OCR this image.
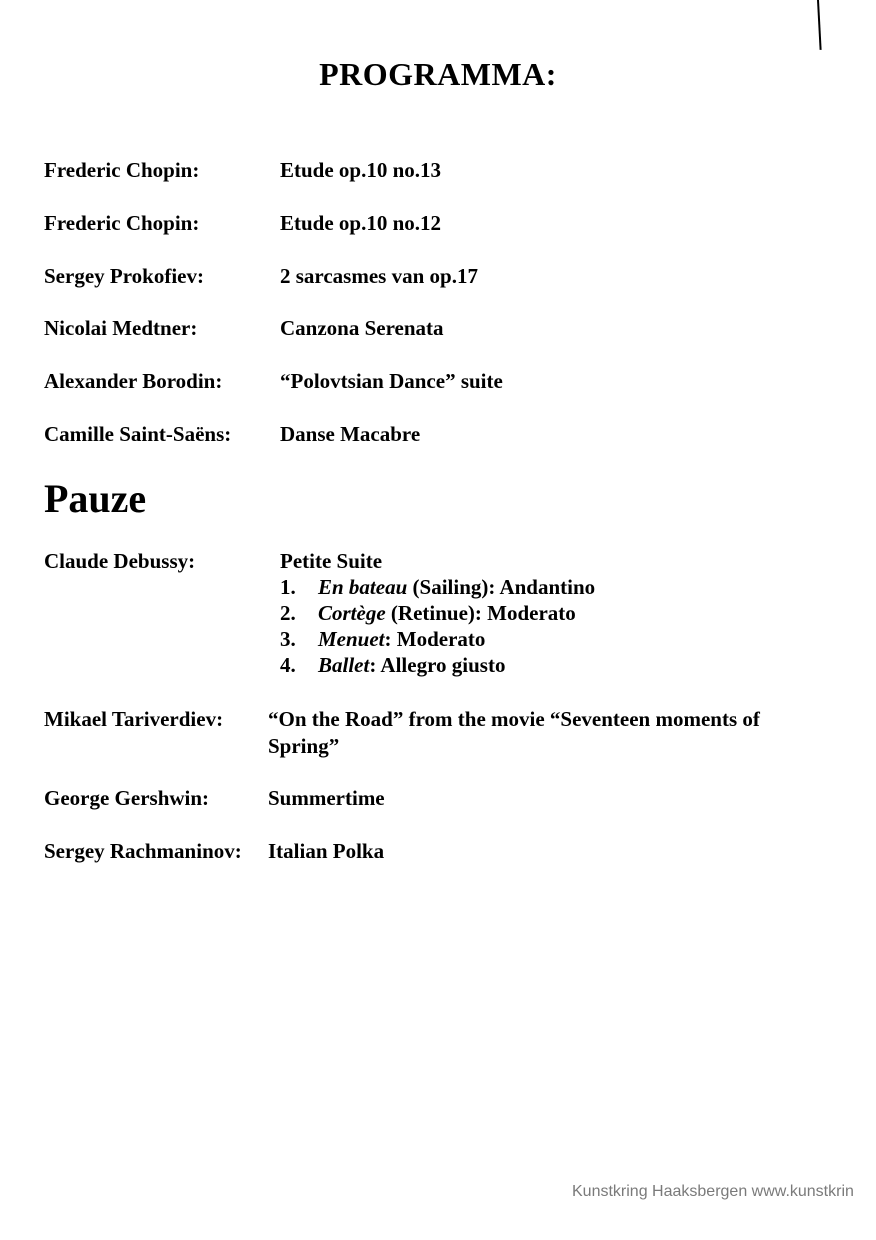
PROGRAMMA:
Frederic Chopin:	Etude op.10 no.13
Frederic Chopin:	Etude op.10 no.12
Sergey Prokofiev:	2 sarcasmes van op.17
Nicolai Medtner:	Canzona Serenata
Alexander Borodin:	“Polovtsian Dance” suite
Camille Saint-Saëns: Danse Macabre
Pauze
Claude Debussy:	Petite Suite
1. En bateau (Sailing): Andantino
2. Cortège (Retinue): Moderato
3. Menuet: Moderato
4. Ballet: Allegro giusto
Mikael Tariverdiev: “On the Road” from the movie “Seventeen moments of Spring”
George Gershwin:	Summertime
Sergey Rachmaninov: Italian Polka
Kunstkring Haaksbergen www.kunstkrin
